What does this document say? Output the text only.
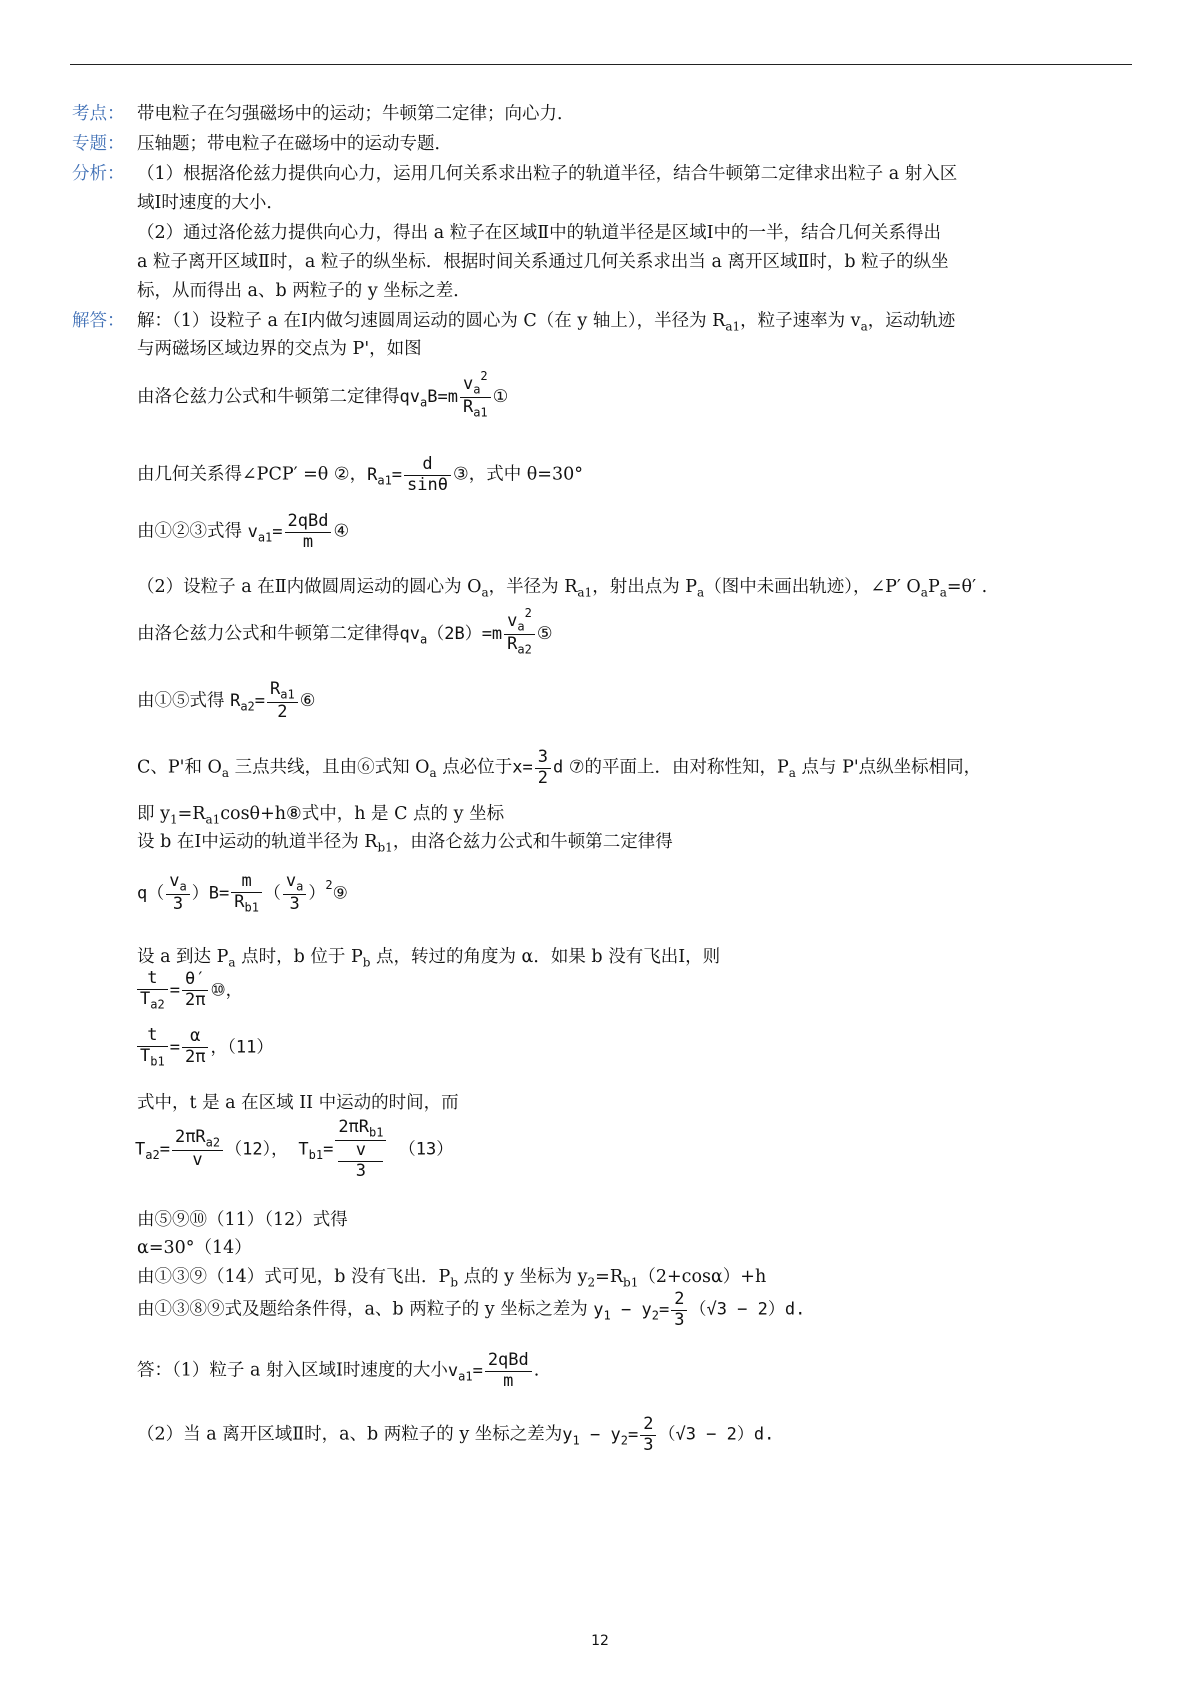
考点： 带电粒子在匀强磁场中的运动；牛顿第二定律；向心力．
专题： 压轴题；带电粒子在磁场中的运动专题．
分析： （1）根据洛伦兹力提供向心力，运用几何关系求出粒子的轨道半径，结合牛顿第二定律求出粒子 a 射入区
域Ⅰ时速度的大小．
（2）通过洛伦兹力提供向心力，得出 a 粒子在区域Ⅱ中的轨道半径是区域Ⅰ中的一半，结合几何关系得出
a 粒子离开区域Ⅱ时，a 粒子的纵坐标．根据时间关系通过几何关系求出当 a 离开区域Ⅱ时，b 粒子的纵坐
标，从而得出 a、b 两粒子的 y 坐标之差．
解答： 解：（1）设粒子 a 在Ⅰ内做匀速圆周运动的圆心为 C（在 y 轴上），半径为 $R_{a1}$，粒子速率为 $v_a$，运动轨迹
与两磁场区域边界的交点为 P'，如图
由洛仑兹力公式和牛顿第二定律得$qv_aB=m \frac{v_a^2}{R_{a1}}$ ①
由几何关系得∠PCP′ =θ ②，$R_{a1}= \frac{d}{\sin\theta}$ ③，式中 θ=30°
由①②③式得 $v_{a1}= \frac{\text{2qBd}}{m}$ ④
（2）设粒子 a 在Ⅱ内做圆周运动的圆心为 $O_a$，半径为 $R_{a1}$，射出点为 $P_a$（图中未画出轨迹），∠P′ $O_aP_a=\theta'$ .
由洛仑兹力公式和牛顿第二定律得$qv_a(2B)=m \frac{v_a^2}{R_{a2}}$ ⑤
由①⑤式得 $R_{a2}= \frac{R_{a1}}{2}$ ⑥
C、P'和 $O_a$ 三点共线，且由⑥式知 $O_a$ 点必位于$x= \frac{3}{2}$ d ⑦的平面上．由对称性知，$P_a$ 点与 P'点纵坐标相同，
即 $y_1=R_{a1}\cos\theta+h⑧$式中，h 是 C 点的 y 坐标
设 b 在Ⅰ中运动的轨道半径为 $R_{b1}$，由洛仑兹力公式和牛顿第二定律得
$q( \frac{v_a}{3} )B= \frac{m}{R_{b1}}$ （ $\frac{v_a}{3}$ ）$^2$⑨
设 a 到达 $P_a$ 点时，b 位于 $P_b$ 点，转过的角度为 α．如果 b 没有飞出Ⅰ，则
$\frac{t}{T_{a2}} = \frac{\theta'}{2\pi}$ ⑩，
$\frac{t}{T_{b1}} = \frac{\alpha}{2\pi}$ ，（11）
式中，t 是 a 在区域 II 中运动的时间，而
$T_{a2}= \frac{2\pi R_{a2}}{v} (12)$， $T_{b1}= 2\pi R_{b1}$
v
3 （13）
由⑤⑨⑩（11）（12）式得
α=30°（14）
由①③⑨（14）式可见，b 没有飞出．$P_b$ 点的 y 坐标为 $y_2=R_{b1}(2+\cos\alpha)+h$
由①③⑧⑨式及题给条件得，a、b 两粒子的 y 坐标之差为 $y_1 - y_2= \frac{2}{3} (√3 - 2)d$.
答：（1）粒子 a 射入区域Ⅰ时速度的大小$v_{a1}= \frac{\text{2qBd}}{m}$ .
（2）当 a 离开区域Ⅱ时，a、b 两粒子的 y 坐标之差为$y_1 - y_2= \frac{2}{3} (√3 - 2)d$.
12
